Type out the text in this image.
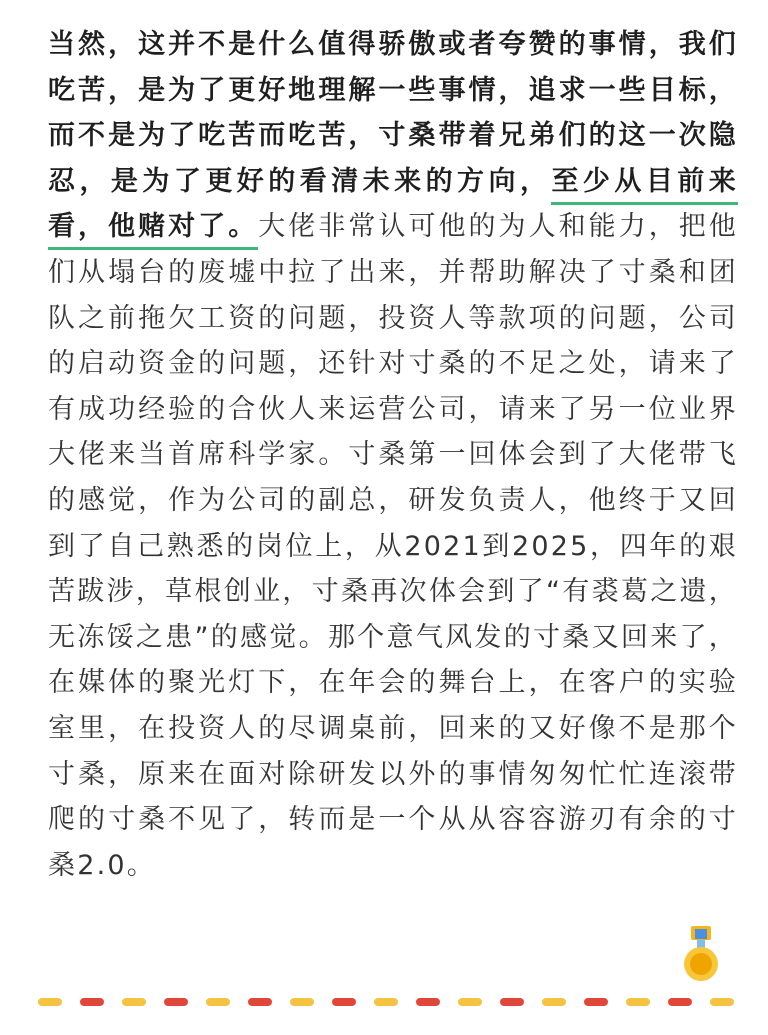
当然，这并不是什么值得骄傲或者夸赞的事情，我们吃苦，是为了更好地理解一些事情，追求一些目标，而不是为了吃苦而吃苦，寸桑带着兄弟们的这一次隐忍，是为了更好的看清未来的方向，至少从目前来看，他赌对了。大佬非常认可他的为人和能力，把他们从塌台的废墟中拉了出来，并帮助解决了寸桑和团队之前拖欠工资的问题，投资人等款项的问题，公司的启动资金的问题，还针对寸桑的不足之处，请来了有成功经验的合伙人来运营公司，请来了另一位业界大佬来当首席科学家。寸桑第一回体会到了大佬带飞的感觉，作为公司的副总，研发负责人，他终于又回到了自己熟悉的岗位上，从2021到2025，四年的艰苦跋涉，草根创业，寸桑再次体会到了“有裘葛之遗，无冻馁之患”的感觉。那个意气风发的寸桑又回来了，在媒体的聚光灯下，在年会的舞台上，在客户的实验室里，在投资人的尽调桌前，回来的又好像不是那个寸桑，原来在面对除研发以外的事情匆匆忙忙连滚带爬的寸桑不见了，转而是一个从从容容游刃有余的寸桑2.0。
